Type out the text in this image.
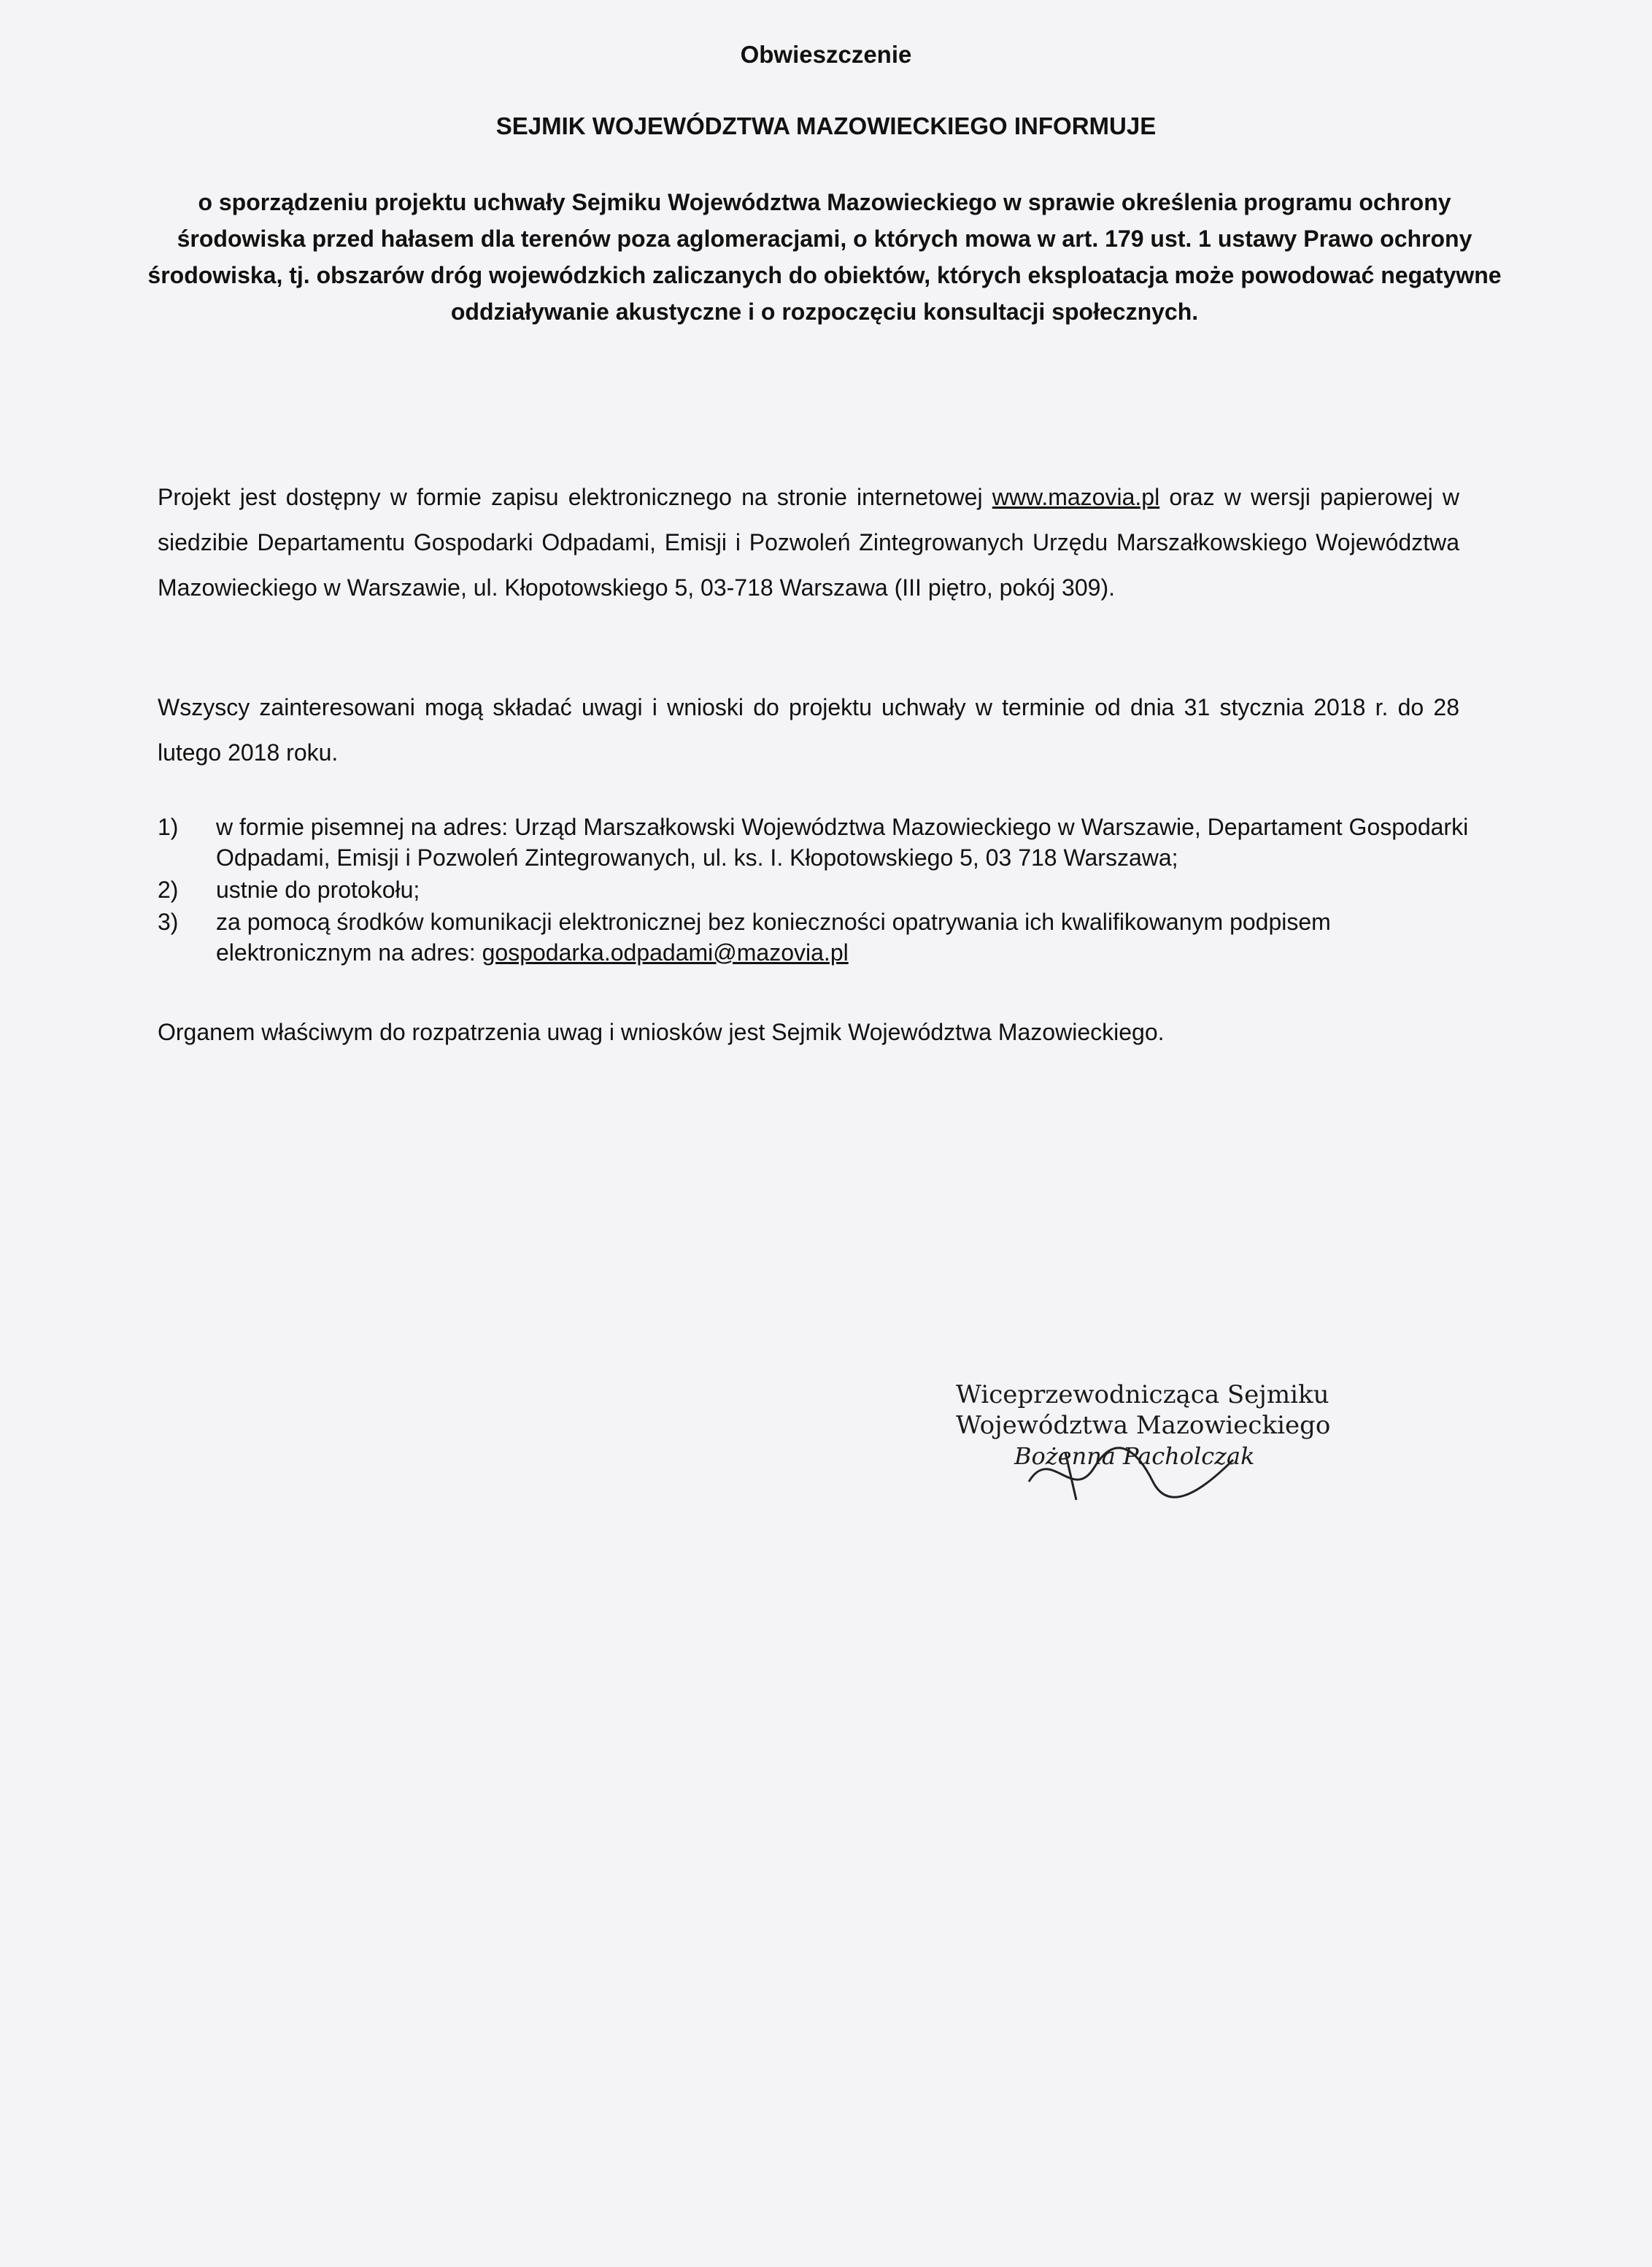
Obwieszczenie
SEJMIK WOJEWÓDZTWA MAZOWIECKIEGO INFORMUJE
o sporządzeniu projektu uchwały Sejmiku Województwa Mazowieckiego w sprawie określenia programu ochrony środowiska przed hałasem dla terenów poza aglomeracjami, o których mowa w art. 179 ust. 1 ustawy Prawo ochrony środowiska, tj. obszarów dróg wojewódzkich zaliczanych do obiektów, których eksploatacja może powodować negatywne oddziaływanie akustyczne i o rozpoczęciu konsultacji społecznych.
Projekt jest dostępny w formie zapisu elektronicznego na stronie internetowej www.mazovia.pl oraz w wersji papierowej w siedzibie Departamentu Gospodarki Odpadami, Emisji i Pozwoleń Zintegrowanych Urzędu Marszałkowskiego Województwa Mazowieckiego w Warszawie, ul. Kłopotowskiego 5, 03-718 Warszawa (III piętro, pokój 309).
Wszyscy zainteresowani mogą składać uwagi i wnioski do projektu uchwały w terminie od dnia 31 stycznia 2018 r. do 28 lutego 2018 roku.
1)	w formie pisemnej na adres: Urząd Marszałkowski Województwa Mazowieckiego w Warszawie, Departament Gospodarki Odpadami, Emisji i Pozwoleń Zintegrowanych, ul. ks. I. Kłopotowskiego 5, 03 718 Warszawa;
2)	ustnie do protokołu;
3)	za pomocą środków komunikacji elektronicznej bez konieczności opatrywania ich kwalifikowanym podpisem elektronicznym na adres: gospodarka.odpadami@mazovia.pl
Organem właściwym do rozpatrzenia uwag i wniosków jest Sejmik Województwa Mazowieckiego.
Wiceprzewodnicząca Sejmiku
Województwa Mazowieckiego
Bożenna Pacholczak
